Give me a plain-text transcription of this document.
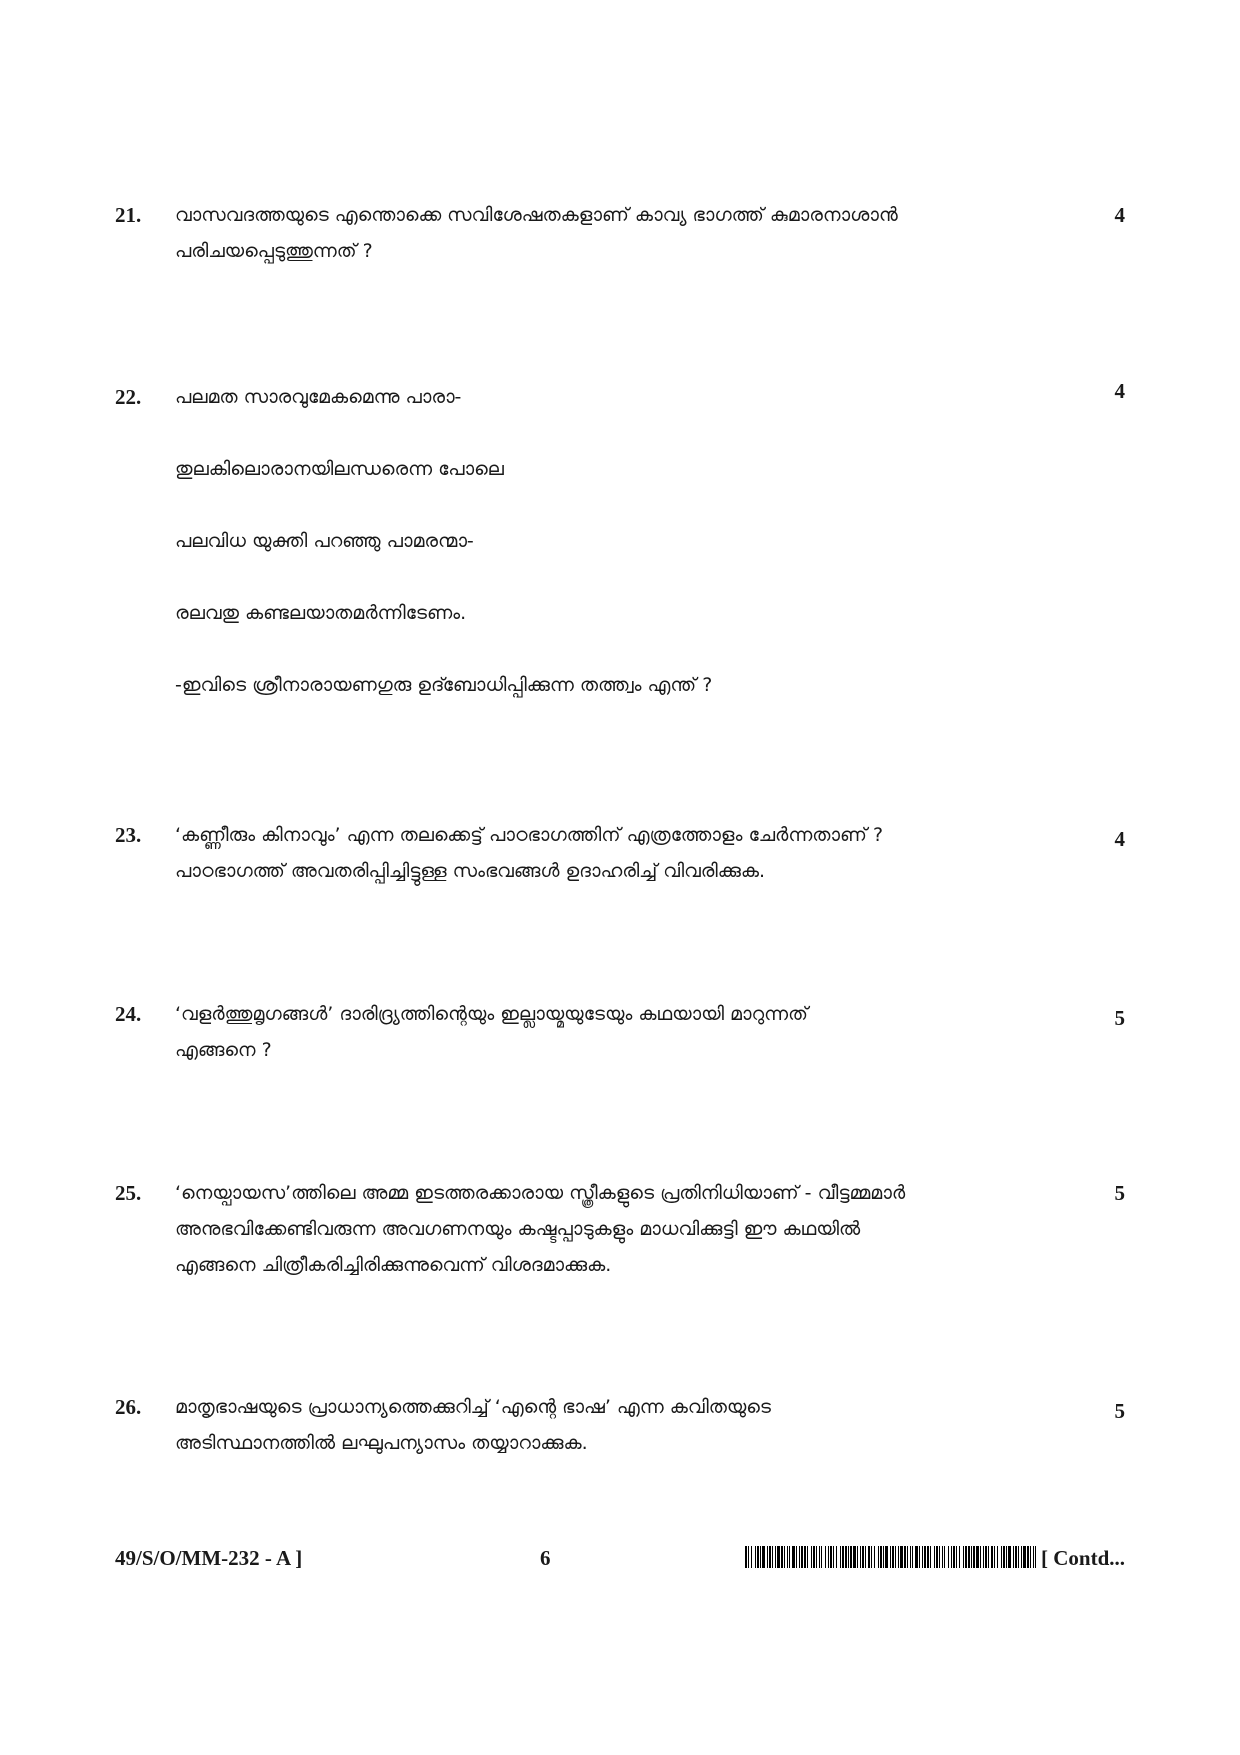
21. വാസവദത്തയുടെ എന്തൊക്കെ സവിശേഷതകളാണ് കാവ്യ ഭാഗത്ത് കുമാരനാശാൻ
പരിചയപ്പെടുത്തുന്നത് ?
4
22. പലമത സാരവുമേകമെന്നു പാരാ-
തുലകിലൊരാനയിലന്ധരെന്ന പോലെ
പലവിധ യുക്തി പറഞ്ഞു പാമരന്മാ-
രലവതു കണ്ടലയാതമർന്നിടേണം.
-ഇവിടെ ശ്രീനാരായണഗുരു ഉദ്ബോധിപ്പിക്കുന്ന തത്ത്വം എന്ത് ?
4
23. ‘കണ്ണീരും കിനാവും’ എന്ന തലക്കെട്ട് പാഠഭാഗത്തിന് എത്രത്തോളം ചേർന്നതാണ് ?
പാഠഭാഗത്ത് അവതരിപ്പിച്ചിട്ടുള്ള സംഭവങ്ങൾ ഉദാഹരിച്ച് വിവരിക്കുക.
4
24. ‘വളർത്തുമൃഗങ്ങൾ’ ദാരിദ്ര്യത്തിന്റെയും ഇല്ലായ്മയുടേയും കഥയായി മാറുന്നത്
എങ്ങനെ ?
5
25. ‘നെയ്പായസ’ത്തിലെ അമ്മ ഇടത്തരക്കാരായ സ്ത്രീകളുടെ പ്രതിനിധിയാണ് - വീട്ടമ്മമാർ
അനുഭവിക്കേണ്ടിവരുന്ന അവഗണനയും കഷ്ടപ്പാടുകളും മാധവിക്കുട്ടി ഈ കഥയിൽ
എങ്ങനെ ചിത്രീകരിച്ചിരിക്കുന്നുവെന്ന് വിശദമാക്കുക.
5
26. മാതൃഭാഷയുടെ പ്രാധാന്യത്തെക്കുറിച്ച് ‘എന്റെ ഭാഷ’ എന്ന കവിതയുടെ
അടിസ്ഥാനത്തിൽ ലഘുപന്യാസം തയ്യാറാക്കുക.
5
49/S/O/MM-232 - A ]	6	[ Contd...
